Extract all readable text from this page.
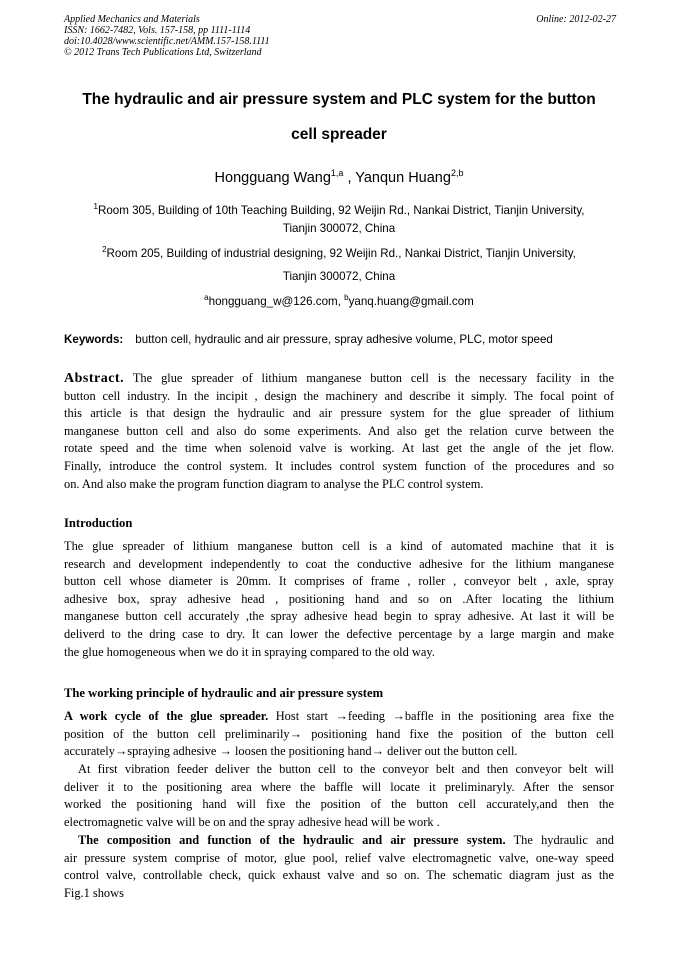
Applied Mechanics and Materials
ISSN: 1662-7482, Vols. 157-158, pp 1111-1114
doi:10.4028/www.scientific.net/AMM.157-158.1111
© 2012 Trans Tech Publications Ltd, Switzerland
Online: 2012-02-27
The hydraulic and air pressure system and PLC system for the button
cell spreader
Hongguang Wang$^{1,a}$ , Yanqun Huang$^{2,b}$
$^1$Room 305, Building of 10th Teaching Building, 92 Weijin Rd., Nankai District, Tianjin University,
Tianjin 300072, China
$^2$Room 205, Building of industrial designing, 92 Weijin Rd., Nankai District, Tianjin University,
Tianjin 300072, China
$^a$hongguang_w@126.com, $^b$yanq.huang@gmail.com
Keywords: button cell, hydraulic and air pressure, spray adhesive volume, PLC, motor speed
Abstract. The glue spreader of lithium manganese button cell is the necessary facility in the
button cell industry. In the incipit , design the machinery and describe it simply. The focal point of
this article is that design the hydraulic and air pressure system for the glue spreader of lithium
manganese button cell and also do some experiments. And also get the relation curve between the
rotate speed and the time when solenoid valve is working. At last get the angle of the jet flow.
Finally, introduce the control system. It includes control system function of the procedures and so
on. And also make the program function diagram to analyse the PLC control system.
Introduction
The glue spreader of lithium manganese button cell is a kind of automated machine that it is
research and development independently to coat the conductive adhesive for the lithium manganese
button cell whose diameter is 20mm. It comprises of frame , roller , conveyor belt , axle, spray
adhesive box, spray adhesive head , positioning hand and so on .After locating the lithium
manganese button cell accurately ,the spray adhesive head begin to spray adhesive. At last it will be
deliverd to the dring case to dry. It can lower the defective percentage by a large margin and make
the glue homogeneous when we do it in spraying compared to the old way.
The working principle of hydraulic and air pressure system
A work cycle of the glue spreader. Host start →feeding →baffle in the positioning area fixe the
position of the button cell preliminarily→ positioning hand fixe the position of the button cell
accurately→spraying adhesive → loosen the positioning hand→ deliver out the button cell.
At first vibration feeder deliver the button cell to the conveyor belt and then conveyor belt will
deliver it to the positioning area where the baffle will locate it preliminaryly. After the sensor
worked the positioning hand will fixe the position of the button cell accurately,and then the
electromagnetic valve will be on and the spray adhesive head will be work .
The composition and function of the hydraulic and air pressure system. The hydraulic and
air pressure system comprise of motor, glue pool, relief valve electromagnetic valve, one-way speed
control valve, controllable check, quick exhaust valve and so on. The schematic diagram just as the
Fig.1 shows
